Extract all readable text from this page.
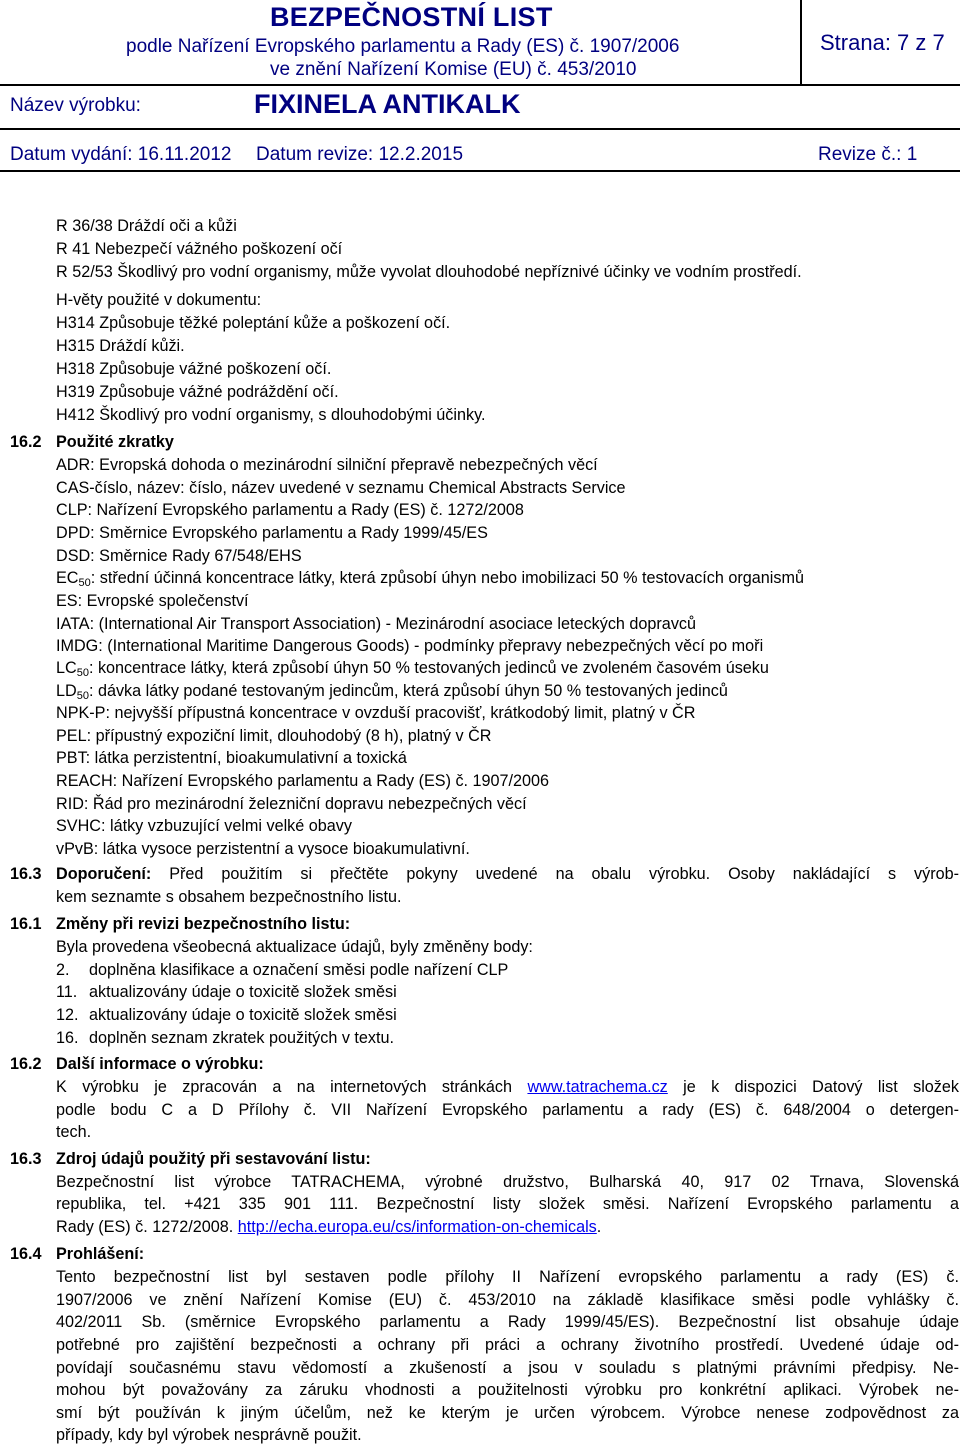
BEZPEČNOSTNÍ LIST
podle Nařízení Evropského parlamentu a Rady (ES) č. 1907/2006
ve znění Nařízení Komise (EU) č. 453/2010
Strana: 7 z 7
Název výrobku:	FIXINELA ANTIKALK
Datum vydání: 16.11.2012 Datum revize: 12.2.2015	Revize č.: 1
R 36/38 Dráždí oči a kůži
R 41 Nebezpečí vážného poškození očí
R 52/53 Škodlivý pro vodní organismy, může vyvolat dlouhodobé nepříznivé účinky ve vodním prostředí.
H-věty použité v dokumentu:
H314 Způsobuje těžké poleptání kůže a poškození očí.
H315 Dráždí kůži.
H318 Způsobuje vážné poškození očí.
H319 Způsobuje vážné podráždění očí.
H412 Škodlivý pro vodní organismy, s dlouhodobými účinky.
16.2 Použité zkratky
ADR: Evropská dohoda o mezinárodní silniční přepravě nebezpečných věcí
CAS-číslo, název: číslo, název uvedené v seznamu Chemical Abstracts Service
CLP: Nařízení Evropského parlamentu a Rady (ES) č. 1272/2008
DPD: Směrnice Evropského parlamentu a Rady 1999/45/ES
DSD: Směrnice Rady 67/548/EHS
$EC_{50}$: střední účinná koncentrace látky, která způsobí úhyn nebo imobilizaci 50 % testovacích organismů
ES: Evropské společenství
IATA: (International Air Transport Association) - Mezinárodní asociace leteckých dopravců
IMDG: (International Maritime Dangerous Goods) - podmínky přepravy nebezpečných věcí po moři
$LC_{50}$: koncentrace látky, která způsobí úhyn 50 % testovaných jedinců ve zvoleném časovém úseku
$LD_{50}$: dávka látky podané testovaným jedincům, která způsobí úhyn 50 % testovaných jedinců
NPK-P: nejvyšší přípustná koncentrace v ovzduší pracovišť, krátkodobý limit, platný v ČR
PEL: přípustný expoziční limit, dlouhodobý (8 h), platný v ČR
PBT: látka perzistentní, bioakumulativní a toxická
REACH: Nařízení Evropského parlamentu a Rady (ES) č. 1907/2006
RID: Řád pro mezinárodní železniční dopravu nebezpečných věcí
SVHC: látky vzbuzující velmi velké obavy
vPvB: látka vysoce perzistentní a vysoce bioakumulativní.
16.3 Doporučení: Před použitím si přečtěte pokyny uvedené na obalu výrobku. Osoby nakládající s výrob-
kem seznamte s obsahem bezpečnostního listu.
16.1 Změny při revizi bezpečnostního listu:
Byla provedena všeobecná aktualizace údajů, byly změněny body:
2. doplněna klasifikace a označení směsi podle nařízení CLP
11. aktualizovány údaje o toxicitě složek směsi
12. aktualizovány údaje o toxicitě složek směsi
16. doplněn seznam zkratek použitých v textu.
16.2 Další informace o výrobku:
K výrobku je zpracován a na internetových stránkách www.tatrachema.cz je k dispozici Datový list složek
podle bodu C a D Přílohy č. VII Nařízení Evropského parlamentu a rady (ES) č. 648/2004 o detergen-
tech.
16.3 Zdroj údajů použitý při sestavování listu:
Bezpečnostní list výrobce TATRACHEMA, výrobné družstvo, Bulharská 40, 917 02 Trnava, Slovenská
republika, tel. +421 335 901 111. Bezpečnostní listy složek směsi. Nařízení Evropského parlamentu a
Rady (ES) č. 1272/2008. http://echa.europa.eu/cs/information-on-chemicals.
16.4 Prohlášení:
Tento bezpečnostní list byl sestaven podle přílohy II Nařízení evropského parlamentu a rady (ES) č.
1907/2006 ve znění Nařízení Komise (EU) č. 453/2010 na základě klasifikace směsi podle vyhlášky č.
402/2011 Sb. (směrnice Evropského parlamentu a Rady 1999/45/ES). Bezpečnostní list obsahuje údaje
potřebné pro zajištění bezpečnosti a ochrany při práci a ochrany životního prostředí. Uvedené údaje od-
povídají současnému stavu vědomostí a zkušeností a jsou v souladu s platnými právními předpisy. Ne-
mohou být považovány za záruku vhodnosti a použitelnosti výrobku pro konkrétní aplikaci. Výrobek ne-
smí být používán k jiným účelům, než ke kterým je určen výrobcem. Výrobce nenese zodpovědnost za
případy, kdy byl výrobek nesprávně použit.
